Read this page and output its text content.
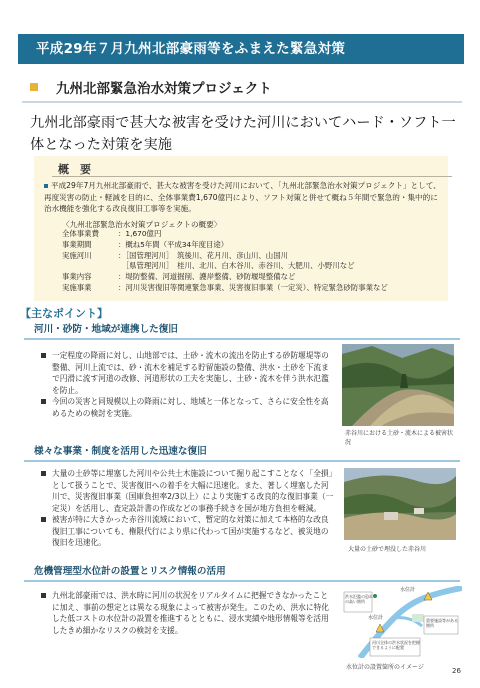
平成29年７月九州北部豪雨等をふまえた緊急対策
九州北部緊急治水対策プロジェクト
九州北部豪雨で甚大な被害を受けた河川においてハード・ソフト一体となった対策を実施
概　要
平成29年7月九州北部豪雨で、甚大な被害を受けた河川において、「九州北部緊急治水対策プロジェクト」として、再度災害の防止・軽減を目的に、全体事業費1,670億円により、ソフト対策と併せて概ね５年間で緊急的・集中的に治水機能を強化する改良復旧工事等を実施。
〈九州北部緊急治水対策プロジェクトの概要〉
全体事業費	：1,670億円
事業期間	：概ね5年間（平成34年度目途）
実施河川	：［国管理河川］　筑後川、花月川、彦山川、山国川
　［県管理河川］　桂川、北川、白木谷川、赤谷川、大肥川、小野川など
事業内容	：堤防整備、河道掘削、護岸整備、砂防堰堤整備など
実施事業	：河川災害復旧等関連緊急事業、災害復旧事業（一定災）、特定緊急砂防事業など
【主なポイント】
河川・砂防・地域が連携した復旧
一定程度の降雨に対し、山地部では、土砂・流木の流出を防止する砂防堰堤等の整備、河川上流では、砂・流木を補足する貯留施設の整備、洪水・土砂を下流まで円滑に流す河道の改修、河道形状の工夫を実施し、土砂・流木を伴う洪水氾濫を防止。
今回の災害と同規模以上の降雨に対し、地域と一体となって、さらに安全性を高めるための検討を実施。
赤谷川における土砂・流木による被害状況
様々な事業・制度を活用した迅速な復旧
大量の土砂等に埋塞した河川や公共土木施設について掘り起こすことなく「全損」として扱うことで、災害復旧への着手を大幅に迅速化。また、著しく埋塞した河川で、災害復旧事業（国庫負担率2/3以上）により実施する改良的な復旧事業（一定災）を活用し、査定設計書の作成などの事務手続きを国が地方負担を軽減。
被害が特に大きかった赤谷川流域において、暫定的な対策に加えて本格的な改良復旧工事についても、権限代行により県に代わって国が実施するなど、被災地の復旧を迅速化。
大量の土砂で埋没した赤谷川
危機管理型水位計の設置とリスク情報の活用
九州北部豪雨では、洪水時に河川の状況をリアルタイムに把握できなかったことに加え、事前の想定とは異なる現象によって被害が発生。このため、洪水に特化した低コストの水位計の設置を推進するとともに、浸水実績や地形情報等を活用したきめ細かなリスクの検討を支援。
洪水氾濫の恐れの高い箇所
水位計
水位計	重要施設等がある箇所
河川全体の洪水状況を把握できるように配置
水位計の設置箇所のイメージ	26
